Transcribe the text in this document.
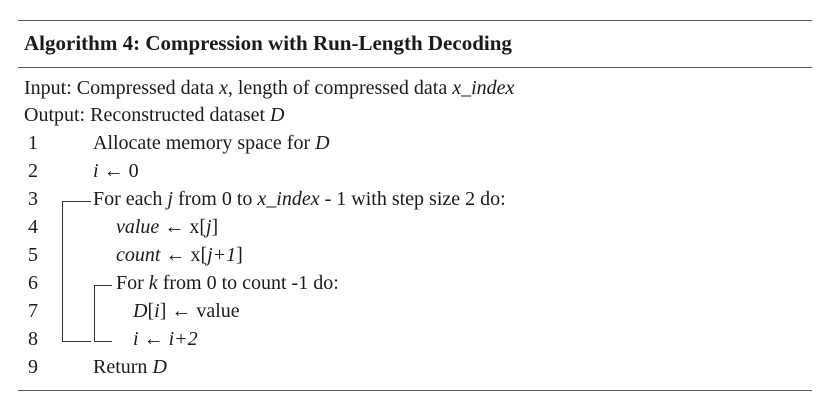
Algorithm 4: Compression with Run-Length Decoding
Input: Compressed data x, length of compressed data x_index
Output: Reconstructed dataset D
1
2
3
4
5
6
7
8
9
Allocate memory space for D
i ← 0
For each j from 0 to x_index - 1 with step size 2 do:
value ← x[j]
count ← x[j+1]
For k from 0 to count -1 do:
D[i] ← value
i ← i+2
Return D
